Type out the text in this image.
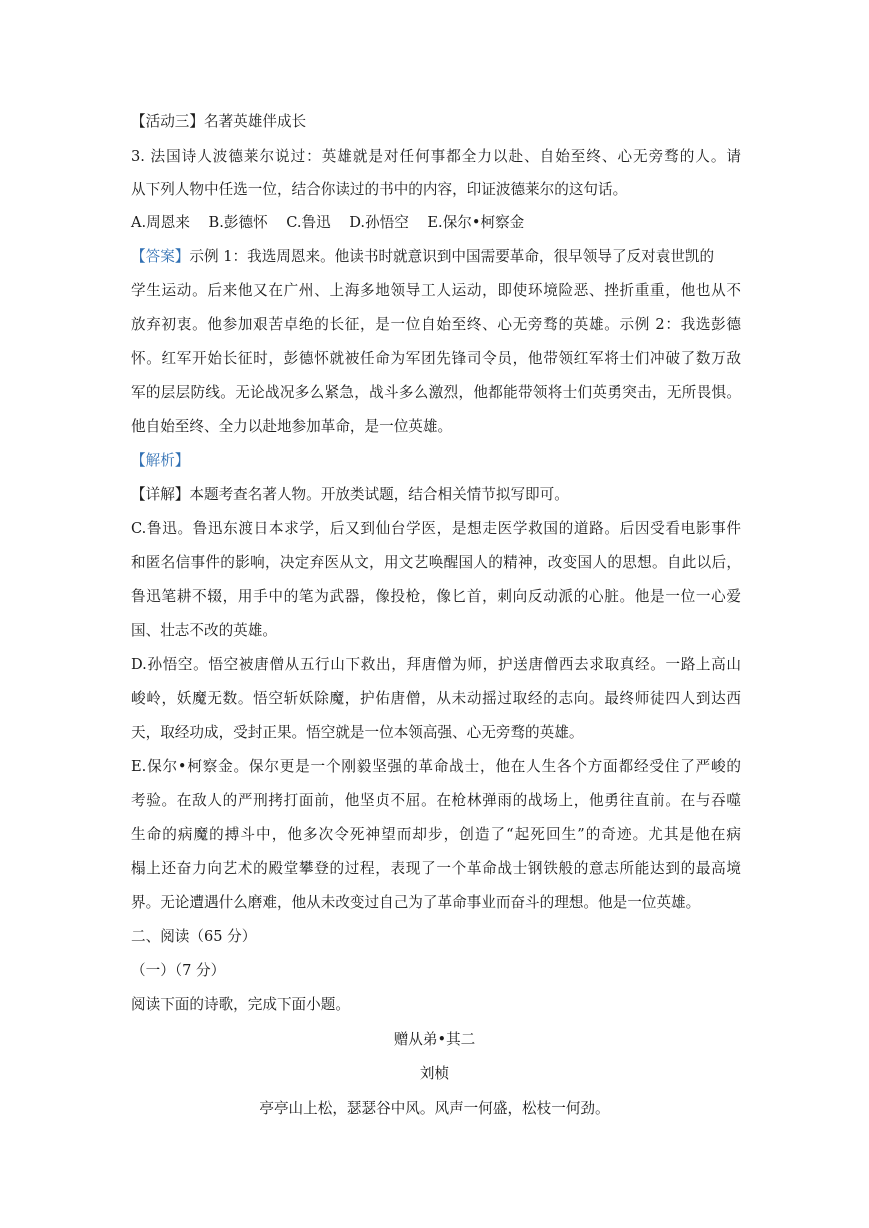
【活动三】名著英雄伴成长
3. 法国诗人波德莱尔说过：英雄就是对任何事都全力以赴、自始至终、心无旁骛的人。请
从下列人物中任选一位，结合你读过的书中的内容，印证波德莱尔的这句话。
A.周恩来    B.彭德怀    C.鲁迅    D.孙悟空    E.保尔•柯察金
【答案】示例 1：我选周恩来。他读书时就意识到中国需要革命，很早领导了反对袁世凯的
学生运动。后来他又在广州、上海多地领导工人运动，即使环境险恶、挫折重重，他也从不
放弃初衷。他参加艰苦卓绝的长征，是一位自始至终、心无旁骛的英雄。示例 2：我选彭德
怀。红军开始长征时，彭德怀就被任命为军团先锋司令员，他带领红军将士们冲破了数万敌
军的层层防线。无论战况多么紧急，战斗多么激烈，他都能带领将士们英勇突击，无所畏惧。
他自始至终、全力以赴地参加革命，是一位英雄。
【解析】
【详解】本题考查名著人物。开放类试题，结合相关情节拟写即可。
C.鲁迅。鲁迅东渡日本求学，后又到仙台学医，是想走医学救国的道路。后因受看电影事件
和匿名信事件的影响，决定弃医从文，用文艺唤醒国人的精神，改变国人的思想。自此以后，
鲁迅笔耕不辍，用手中的笔为武器，像投枪，像匕首，刺向反动派的心脏。他是一位一心爱
国、壮志不改的英雄。
D.孙悟空。悟空被唐僧从五行山下救出，拜唐僧为师，护送唐僧西去求取真经。一路上高山
峻岭，妖魔无数。悟空斩妖除魔，护佑唐僧，从未动摇过取经的志向。最终师徒四人到达西
天，取经功成，受封正果。悟空就是一位本领高强、心无旁骛的英雄。
E.保尔•柯察金。保尔更是一个刚毅坚强的革命战士，他在人生各个方面都经受住了严峻的
考验。在敌人的严刑拷打面前，他坚贞不屈。在枪林弹雨的战场上，他勇往直前。在与吞噬
生命的病魔的搏斗中，他多次令死神望而却步，创造了“起死回生”的奇迹。尤其是他在病
榻上还奋力向艺术的殿堂攀登的过程，表现了一个革命战士钢铁般的意志所能达到的最高境
界。无论遭遇什么磨难，他从未改变过自己为了革命事业而奋斗的理想。他是一位英雄。
二、阅读（65 分）
（一）（7 分）
阅读下面的诗歌，完成下面小题。
赠从弟•其二
刘桢
亭亭山上松，瑟瑟谷中风。风声一何盛，松枝一何劲。
